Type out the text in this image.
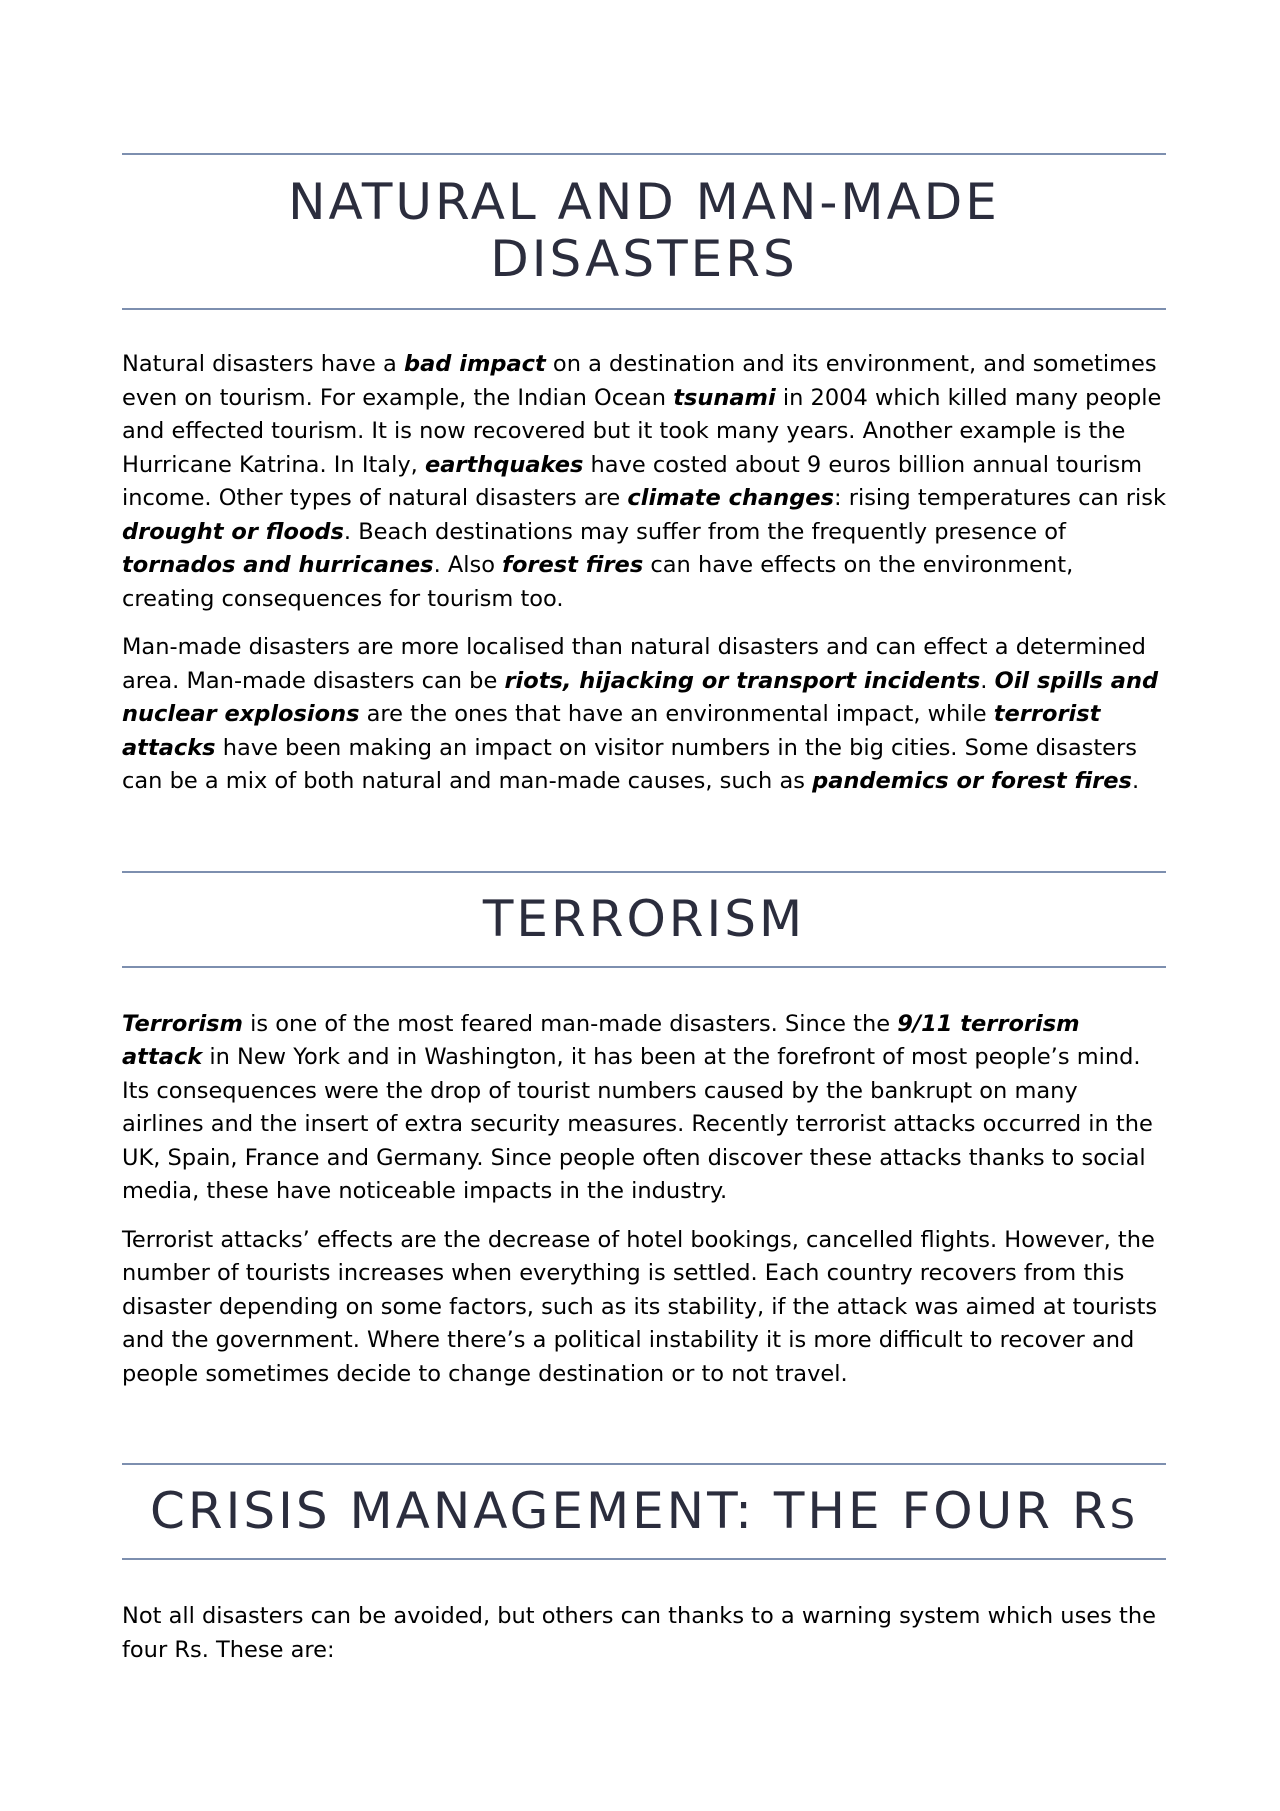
NATURAL AND MAN-MADE DISASTERS

Natural disasters have a bad impact on a destination and its environment, and sometimes even on tourism. For example, the Indian Ocean tsunami in 2004 which killed many people and effected tourism. It is now recovered but it took many years. Another example is the Hurricane Katrina. In Italy, earthquakes have costed about 9 euros billion annual tourism income. Other types of natural disasters are climate changes: rising temperatures can risk drought or floods. Beach destinations may suffer from the frequently presence of tornados and hurricanes. Also forest fires can have effects on the environment, creating consequences for tourism too.

Man-made disasters are more localised than natural disasters and can effect a determined area. Man-made disasters can be riots, hijacking or transport incidents. Oil spills and nuclear explosions are the ones that have an environmental impact, while terrorist attacks have been making an impact on visitor numbers in the big cities. Some disasters can be a mix of both natural and man-made causes, such as pandemics or forest fires.

TERRORISM

Terrorism is one of the most feared man-made disasters. Since the 9/11 terrorism attack in New York and in Washington, it has been at the forefront of most people’s mind. Its consequences were the drop of tourist numbers caused by the bankrupt on many airlines and the insert of extra security measures. Recently terrorist attacks occurred in the UK, Spain, France and Germany. Since people often discover these attacks thanks to social media, these have noticeable impacts in the industry.

Terrorist attacks’ effects are the decrease of hotel bookings, cancelled flights. However, the number of tourists increases when everything is settled. Each country recovers from this disaster depending on some factors, such as its stability, if the attack was aimed at tourists and the government. Where there’s a political instability it is more difficult to recover and people sometimes decide to change destination or to not travel.

CRISIS MANAGEMENT: THE FOUR RS

Not all disasters can be avoided, but others can thanks to a warning system which uses the four Rs. These are:
